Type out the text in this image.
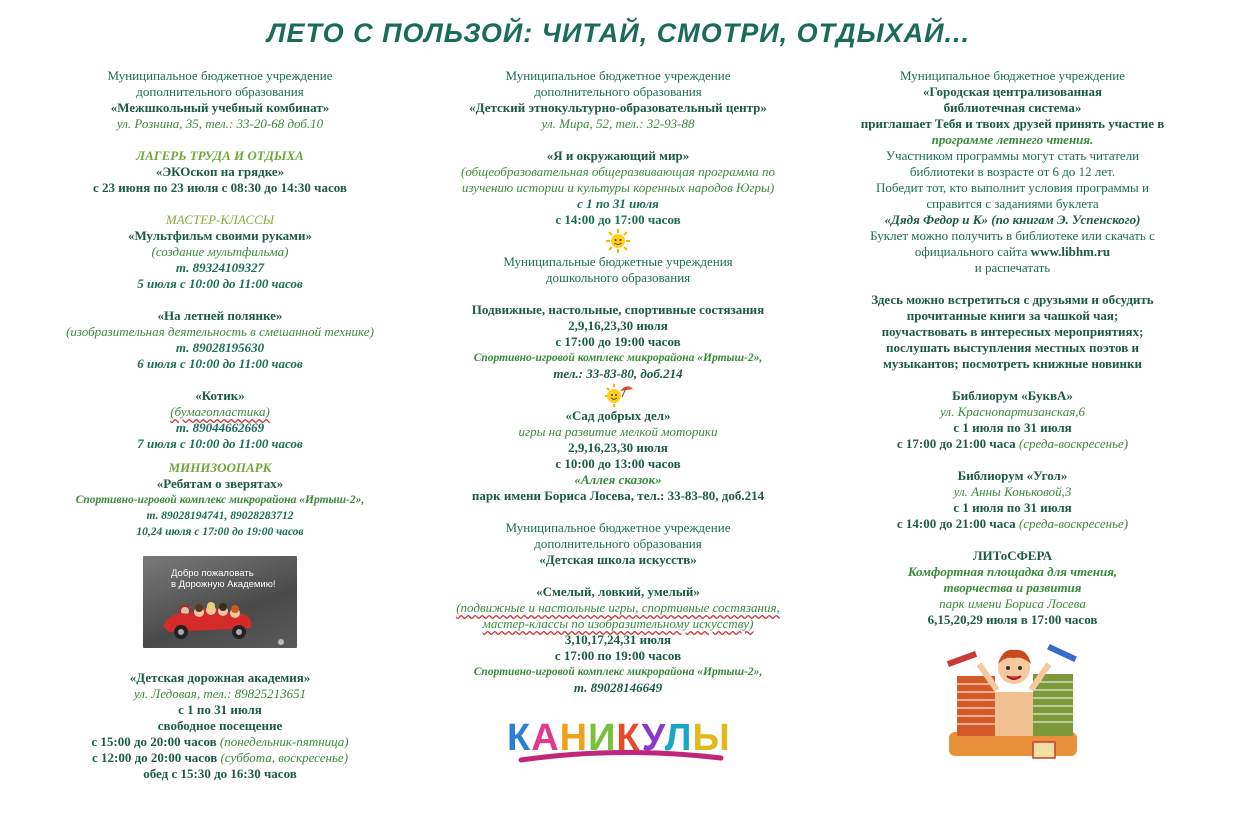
ЛЕТО С ПОЛЬЗОЙ: ЧИТАЙ, СМОТРИ, ОТДЫХАЙ...
Муниципальное бюджетное учреждение
дополнительного образования
«Межшкольный учебный комбинат»
ул. Рознина, 35, тел.: 33-20-68 доб.10
ЛАГЕРЬ ТРУДА И ОТДЫХА
«ЭКОскоп на грядке»
с 23 июня по 23 июля с 08:30 до 14:30 часов
МАСТЕР-КЛАССЫ
«Мультфильм своими руками»
(создание мультфильма)
т. 89324109327
5 июля с 10:00 до 11:00 часов
«На летней полянке»
(изобразительная деятельность в смешанной технике)
т. 89028195630
6 июля с 10:00 до 11:00 часов
«Котик»
(бумагопластика)
т. 89044662669
7 июля с 10:00 до 11:00 часов
МИНИЗООПАРК
«Ребятам о зверятах»
Спортивно-игровой комплекс микрорайона «Иртыш-2»,
т. 89028194741, 89028283712
10,24 июля с 17:00 до 19:00 часов
Добро пожаловать
в Дорожную Академию!
«Детская дорожная академия»
ул. Ледовая, тел.: 89825213651
с 1 по 31 июля
свободное посещение
с 15:00 до 20:00 часов (понедельник-пятница)
с 12:00 до 20:00 часов (суббота, воскресенье)
обед с 15:30 до 16:30 часов
Муниципальное бюджетное учреждение
дополнительного образования
«Детский этнокультурно-образовательный центр»
ул. Мира, 52, тел.: 32-93-88
«Я и окружающий мир»
(общеобразовательная общеразвивающая программа по
изучению истории и культуры коренных народов Югры)
с 1 по 31 июля
с 14:00 до 17:00 часов
Муниципальные бюджетные учреждения
дошкольного образования
Подвижные, настольные, спортивные состязания
2,9,16,23,30 июля
с 17:00 до 19:00 часов
Спортивно-игровой комплекс микрорайона «Иртыш-2»,
тел.: 33-83-80, доб.214
«Сад добрых дел»
игры на развитие мелкой моторики
2,9,16,23,30 июля
с 10:00 до 13:00 часов
«Аллея сказок»
парк имени Бориса Лосева, тел.: 33-83-80, доб.214
Муниципальное бюджетное учреждение
дополнительного образования
«Детская школа искусств»
«Смелый, ловкий, умелый»
(подвижные и настольные игры, спортивные состязания,
мастер-классы по изобразительному искусству)
3,10,17,24,31 июля
с 17:00 по 19:00 часов
Спортивно-игровой комплекс микрорайона «Иртыш-2»,
т. 89028146649
КАНИКУЛЫ
Муниципальное бюджетное учреждение
«Городская централизованная
библиотечная система»
приглашает Тебя и твоих друзей принять участие в
программе летнего чтения.
Участником программы могут стать читатели
библиотеки в возрасте от 6 до 12 лет.
Победит тот, кто выполнит условия программы и
справится с заданиями буклета
«Дядя Федор и К» (по книгам Э. Успенского)
Буклет можно получить в библиотеке или скачать с
официального сайта www.libhm.ru
и распечатать
Здесь можно встретиться с друзьями и обсудить
прочитанные книги за чашкой чая;
поучаствовать в интересных мероприятиях;
послушать выступления местных поэтов и
музыкантов; посмотреть книжные новинки
Библиорум «БуквА»
ул. Краснопартизанская,6
с 1 июля по 31 июля
с 17:00 до 21:00 часа (среда-воскресенье)
Библиорум «Угол»
ул. Анны Коньковой,3
с 1 июля по 31 июля
с 14:00 до 21:00 часа (среда-воскресенье)
ЛИТоСФЕРА
Комфортная площадка для чтения,
творчества и развития
парк имени Бориса Лосева
6,15,20,29 июля в 17:00 часов
